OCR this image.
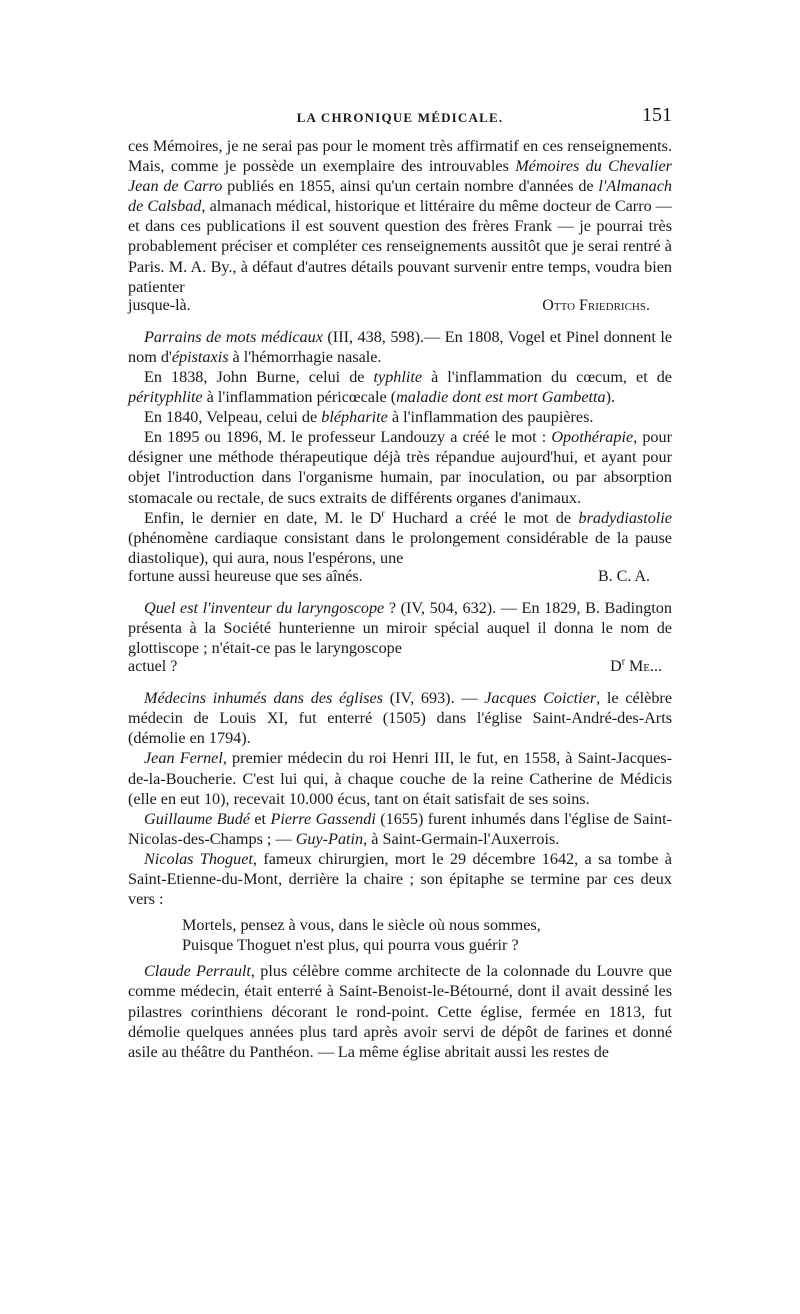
LA CHRONIQUE MÉDICALE.	151

ces Mémoires, je ne serai pas pour le moment très affirmatif en ces renseignements. Mais, comme je possède un exemplaire des introuvables Mémoires du Chevalier Jean de Carro publiés en 1855, ainsi qu'un certain nombre d'années de l'Almanach de Calsbad, almanach médical, historique et littéraire du même docteur de Carro — et dans ces publications il est souvent question des frères Frank — je pourrai très probablement préciser et compléter ces renseignements aussitôt que je serai rentré à Paris. M. A. By., à défaut d'autres détails pouvant survenir entre temps, voudra bien patienter

jusque-là.	Otto Friedrichs.

Parrains de mots médicaux (III, 438, 598).— En 1808, Vogel et Pinel donnent le nom d'épistaxis à l'hémorrhagie nasale.

En 1838, John Burne, celui de typhlite à l'inflammation du cœcum, et de pérityphlite à l'inflammation péricœcale (maladie dont est mort Gambetta).

En 1840, Velpeau, celui de blépharite à l'inflammation des paupières.

En 1895 ou 1896, M. le professeur Landouzy a créé le mot : Opothérapie, pour désigner une méthode thérapeutique déjà très répandue aujourd'hui, et ayant pour objet l'introduction dans l'organisme humain, par inoculation, ou par absorption stomacale ou rectale, de sucs extraits de différents organes d'animaux.

Enfin, le dernier en date, M. le $D^r$ Huchard a créé le mot de bradydiastolie (phénomène cardiaque consistant dans le prolongement considérable de la pause diastolique), qui aura, nous l'espérons, une

fortune aussi heureuse que ses aînés.	B. C. A.

Quel est l'inventeur du laryngoscope ? (IV, 504, 632). — En 1829, B. Badington présenta à la Société hunterienne un miroir spécial auquel il donna le nom de glottiscope ; n'était-ce pas le laryngoscope

actuel ?	$D^r$ Me...

Médecins inhumés dans des églises (IV, 693). — Jacques Coictier, le célèbre médecin de Louis XI, fut enterré (1505) dans l'église Saint-André-des-Arts (démolie en 1794).

Jean Fernel, premier médecin du roi Henri III, le fut, en 1558, à Saint-Jacques-de-la-Boucherie. C'est lui qui, à chaque couche de la reine Catherine de Médicis (elle en eut 10), recevait 10.000 écus, tant on était satisfait de ses soins.

Guillaume Budé et Pierre Gassendi (1655) furent inhumés dans l'église de Saint-Nicolas-des-Champs ; — Guy-Patin, à Saint-Germain-l'Auxerrois.

Nicolas Thoguet, fameux chirurgien, mort le 29 décembre 1642, a sa tombe à Saint-Etienne-du-Mont, derrière la chaire ; son épitaphe se termine par ces deux vers :

Mortels, pensez à vous, dans le siècle où nous sommes,
Puisque Thoguet n'est plus, qui pourra vous guérir ?

Claude Perrault, plus célèbre comme architecte de la colonnade du Louvre que comme médecin, était enterré à Saint-Benoist-le-Bétourné, dont il avait dessiné les pilastres corinthiens décorant le rond-point. Cette église, fermée en 1813, fut démolie quelques années plus tard après avoir servi de dépôt de farines et donné asile au théâtre du Panthéon. — La même église abritait aussi les restes de
